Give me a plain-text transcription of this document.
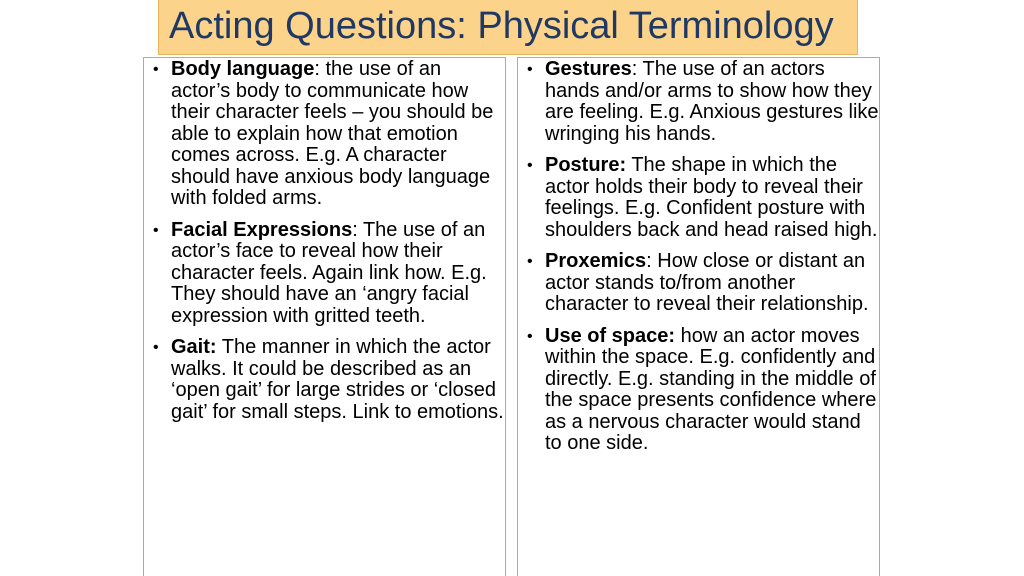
Acting Questions: Physical Terminology
• Body language: the use of an actor’s body to communicate how their character feels – you should be able to explain how that emotion comes across. E.g. A character should have anxious body language with folded arms.
• Facial Expressions: The use of an actor’s face to reveal how their character feels. Again link how. E.g. They should have an ‘angry facial expression with gritted teeth.
• Gait: The manner in which the actor walks. It could be described as an ‘open gait’ for large strides or ‘closed gait’ for small steps. Link to emotions.
• Gestures: The use of an actors hands and/or arms to show how they are feeling. E.g. Anxious gestures like wringing his hands.
• Posture: The shape in which the actor holds their body to reveal their feelings. E.g. Confident posture with shoulders back and head raised high.
• Proxemics: How close or distant an actor stands to/from another character to reveal their relationship.
• Use of space: how an actor moves within the space. E.g. confidently and directly. E.g. standing in the middle of the space presents confidence where as a nervous character would stand to one side.
